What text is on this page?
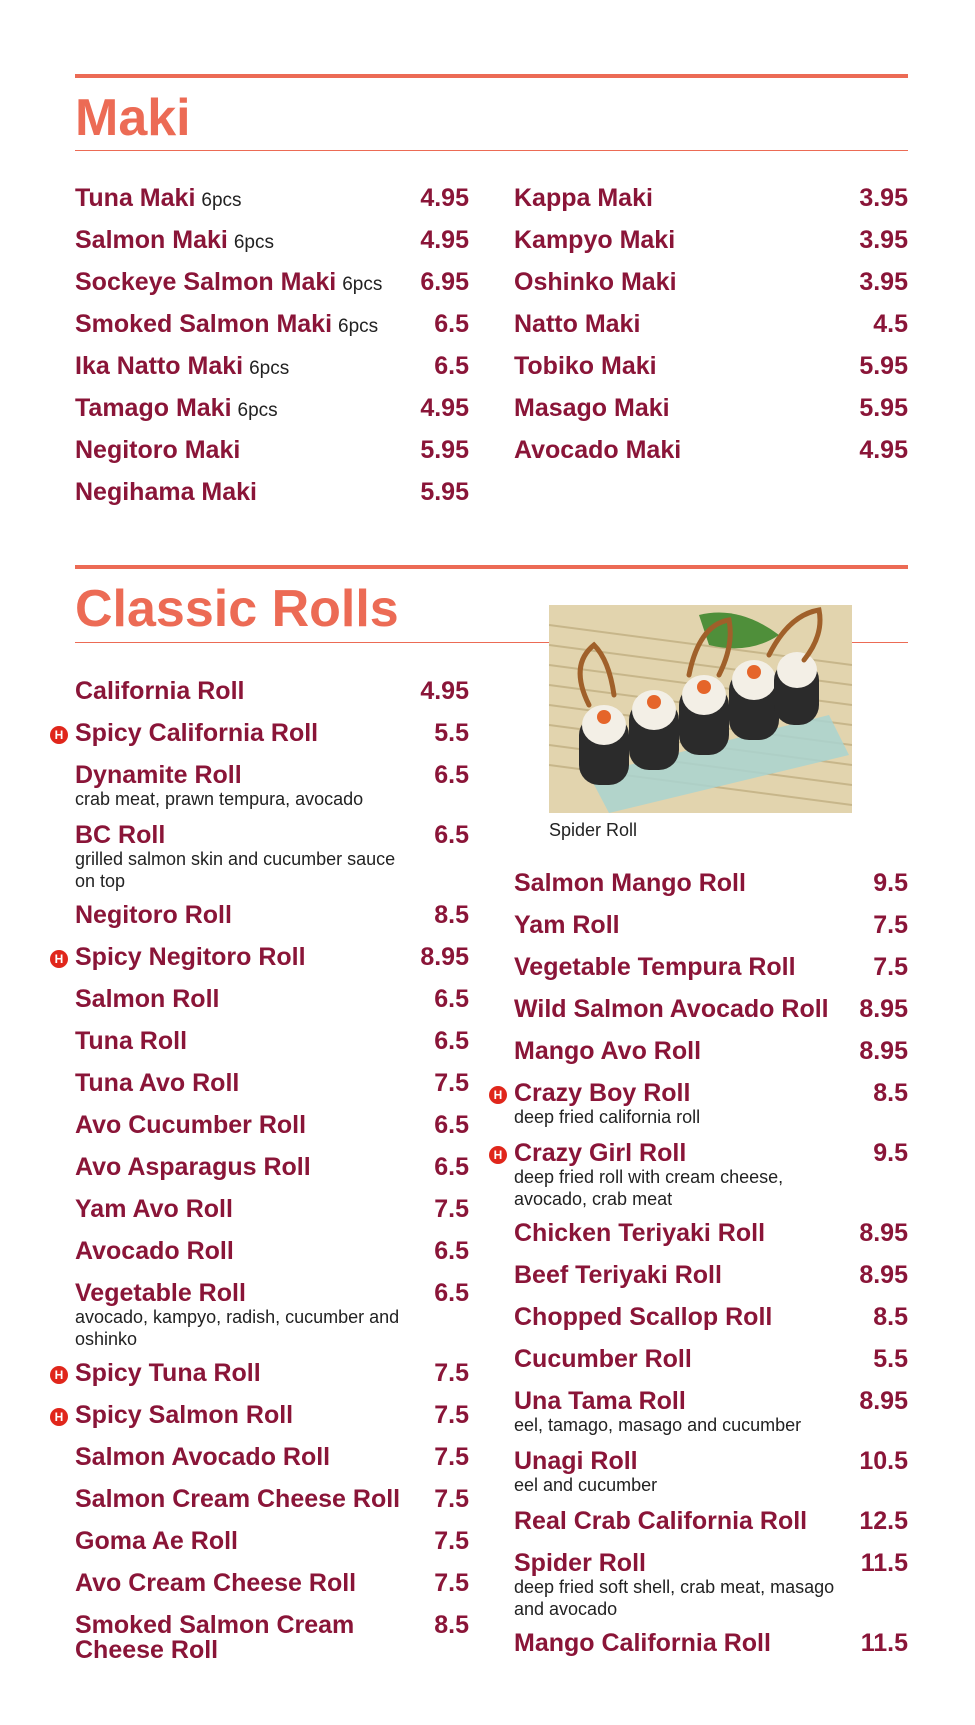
Maki
Tuna Maki 6pcs	4.95
Salmon Maki 6pcs	4.95
Sockeye Salmon Maki 6pcs 6.95
Smoked Salmon Maki 6pcs 6.5
Ika Natto Maki 6pcs	6.5
Tamago Maki 6pcs	4.95
Negitoro Maki	5.95
Negihama Maki	5.95
Kappa Maki	3.95
Kampyo Maki	3.95
Oshinko Maki	3.95
Natto Maki	4.5
Tobiko Maki	5.95
Masago Maki	5.95
Avocado Maki	4.95
Classic Rolls
Spider Roll
California Roll	4.95
H Spicy California Roll	5.5
Dynamite Roll	6.5
crab meat, prawn tempura, avocado
BC Roll	6.5
grilled salmon skin and cucumber sauce on top
Negitoro Roll	8.5
H Spicy Negitoro Roll	8.95
Salmon Roll	6.5
Tuna Roll	6.5
Tuna Avo Roll	7.5
Avo Cucumber Roll	6.5
Avo Asparagus Roll	6.5
Yam Avo Roll	7.5
Avocado Roll	6.5
Vegetable Roll	6.5
avocado, kampyo, radish, cucumber and oshinko
H Spicy Tuna Roll	7.5
H Spicy Salmon Roll	7.5
Salmon Avocado Roll	7.5
Salmon Cream Cheese Roll 7.5
Goma Ae Roll	7.5
Avo Cream Cheese Roll	7.5
Smoked Salmon Cream Cheese Roll
8.5
Salmon Mango Roll	9.5
Yam Roll	7.5
Vegetable Tempura Roll	7.5
Wild Salmon Avocado Roll 8.95
Mango Avo Roll	8.95
H Crazy Boy Roll	8.5
deep fried california roll
H Crazy Girl Roll	9.5
deep fried roll with cream cheese, avocado, crab meat
Chicken Teriyaki Roll	8.95
Beef Teriyaki Roll	8.95
Chopped Scallop Roll	8.5
Cucumber Roll	5.5
Una Tama Roll	8.95
eel, tamago, masago and cucumber
Unagi Roll	10.5
eel and cucumber
Real Crab California Roll 12.5
Spider Roll	11.5
deep fried soft shell, crab meat, masago and avocado
Mango California Roll	11.5
